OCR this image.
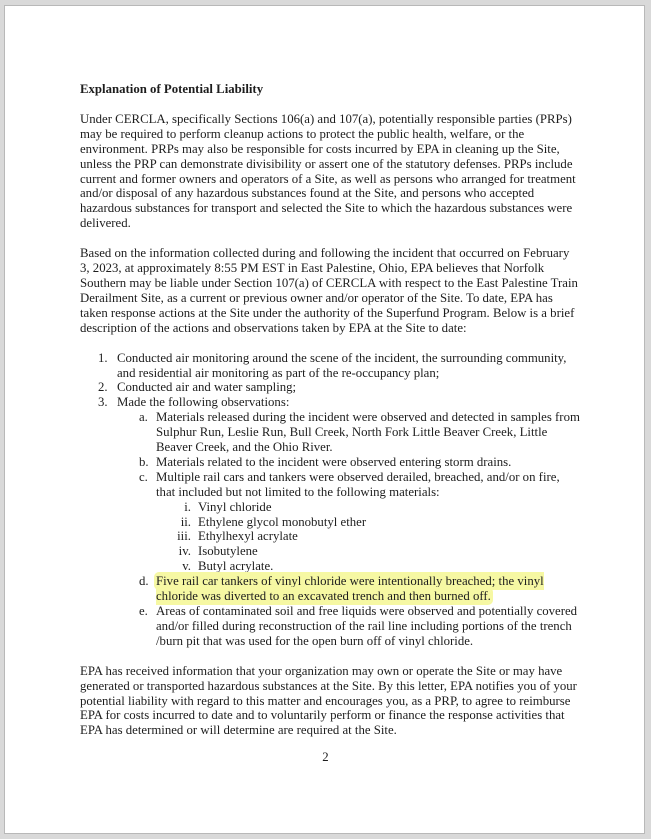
Explanation of Potential Liability
Under CERCLA, specifically Sections 106(a) and 107(a), potentially responsible parties (PRPs) may be required to perform cleanup actions to protect the public health, welfare, or the environment. PRPs may also be responsible for costs incurred by EPA in cleaning up the Site, unless the PRP can demonstrate divisibility or assert one of the statutory defenses. PRPs include current and former owners and operators of a Site, as well as persons who arranged for treatment and/or disposal of any hazardous substances found at the Site, and persons who accepted hazardous substances for transport and selected the Site to which the hazardous substances were delivered.
Based on the information collected during and following the incident that occurred on February 3, 2023, at approximately 8:55 PM EST in East Palestine, Ohio, EPA believes that Norfolk Southern may be liable under Section 107(a) of CERCLA with respect to the East Palestine Train Derailment Site, as a current or previous owner and/or operator of the Site. To date, EPA has taken response actions at the Site under the authority of the Superfund Program. Below is a brief description of the actions and observations taken by EPA at the Site to date:
1. Conducted air monitoring around the scene of the incident, the surrounding community, and residential air monitoring as part of the re-occupancy plan;
2. Conducted air and water sampling;
3. Made the following observations:
a. Materials released during the incident were observed and detected in samples from Sulphur Run, Leslie Run, Bull Creek, North Fork Little Beaver Creek, Little Beaver Creek, and the Ohio River.
b. Materials related to the incident were observed entering storm drains.
c. Multiple rail cars and tankers were observed derailed, breached, and/or on fire, that included but not limited to the following materials:
i. Vinyl chloride
ii. Ethylene glycol monobutyl ether
iii. Ethylhexyl acrylate
iv. Isobutylene
v. Butyl acrylate.
d. Five rail car tankers of vinyl chloride were intentionally breached; the vinyl chloride was diverted to an excavated trench and then burned off.
e. Areas of contaminated soil and free liquids were observed and potentially covered and/or filled during reconstruction of the rail line including portions of the trench /burn pit that was used for the open burn off of vinyl chloride.
EPA has received information that your organization may own or operate the Site or may have generated or transported hazardous substances at the Site. By this letter, EPA notifies you of your potential liability with regard to this matter and encourages you, as a PRP, to agree to reimburse EPA for costs incurred to date and to voluntarily perform or finance the response activities that EPA has determined or will determine are required at the Site.
2
